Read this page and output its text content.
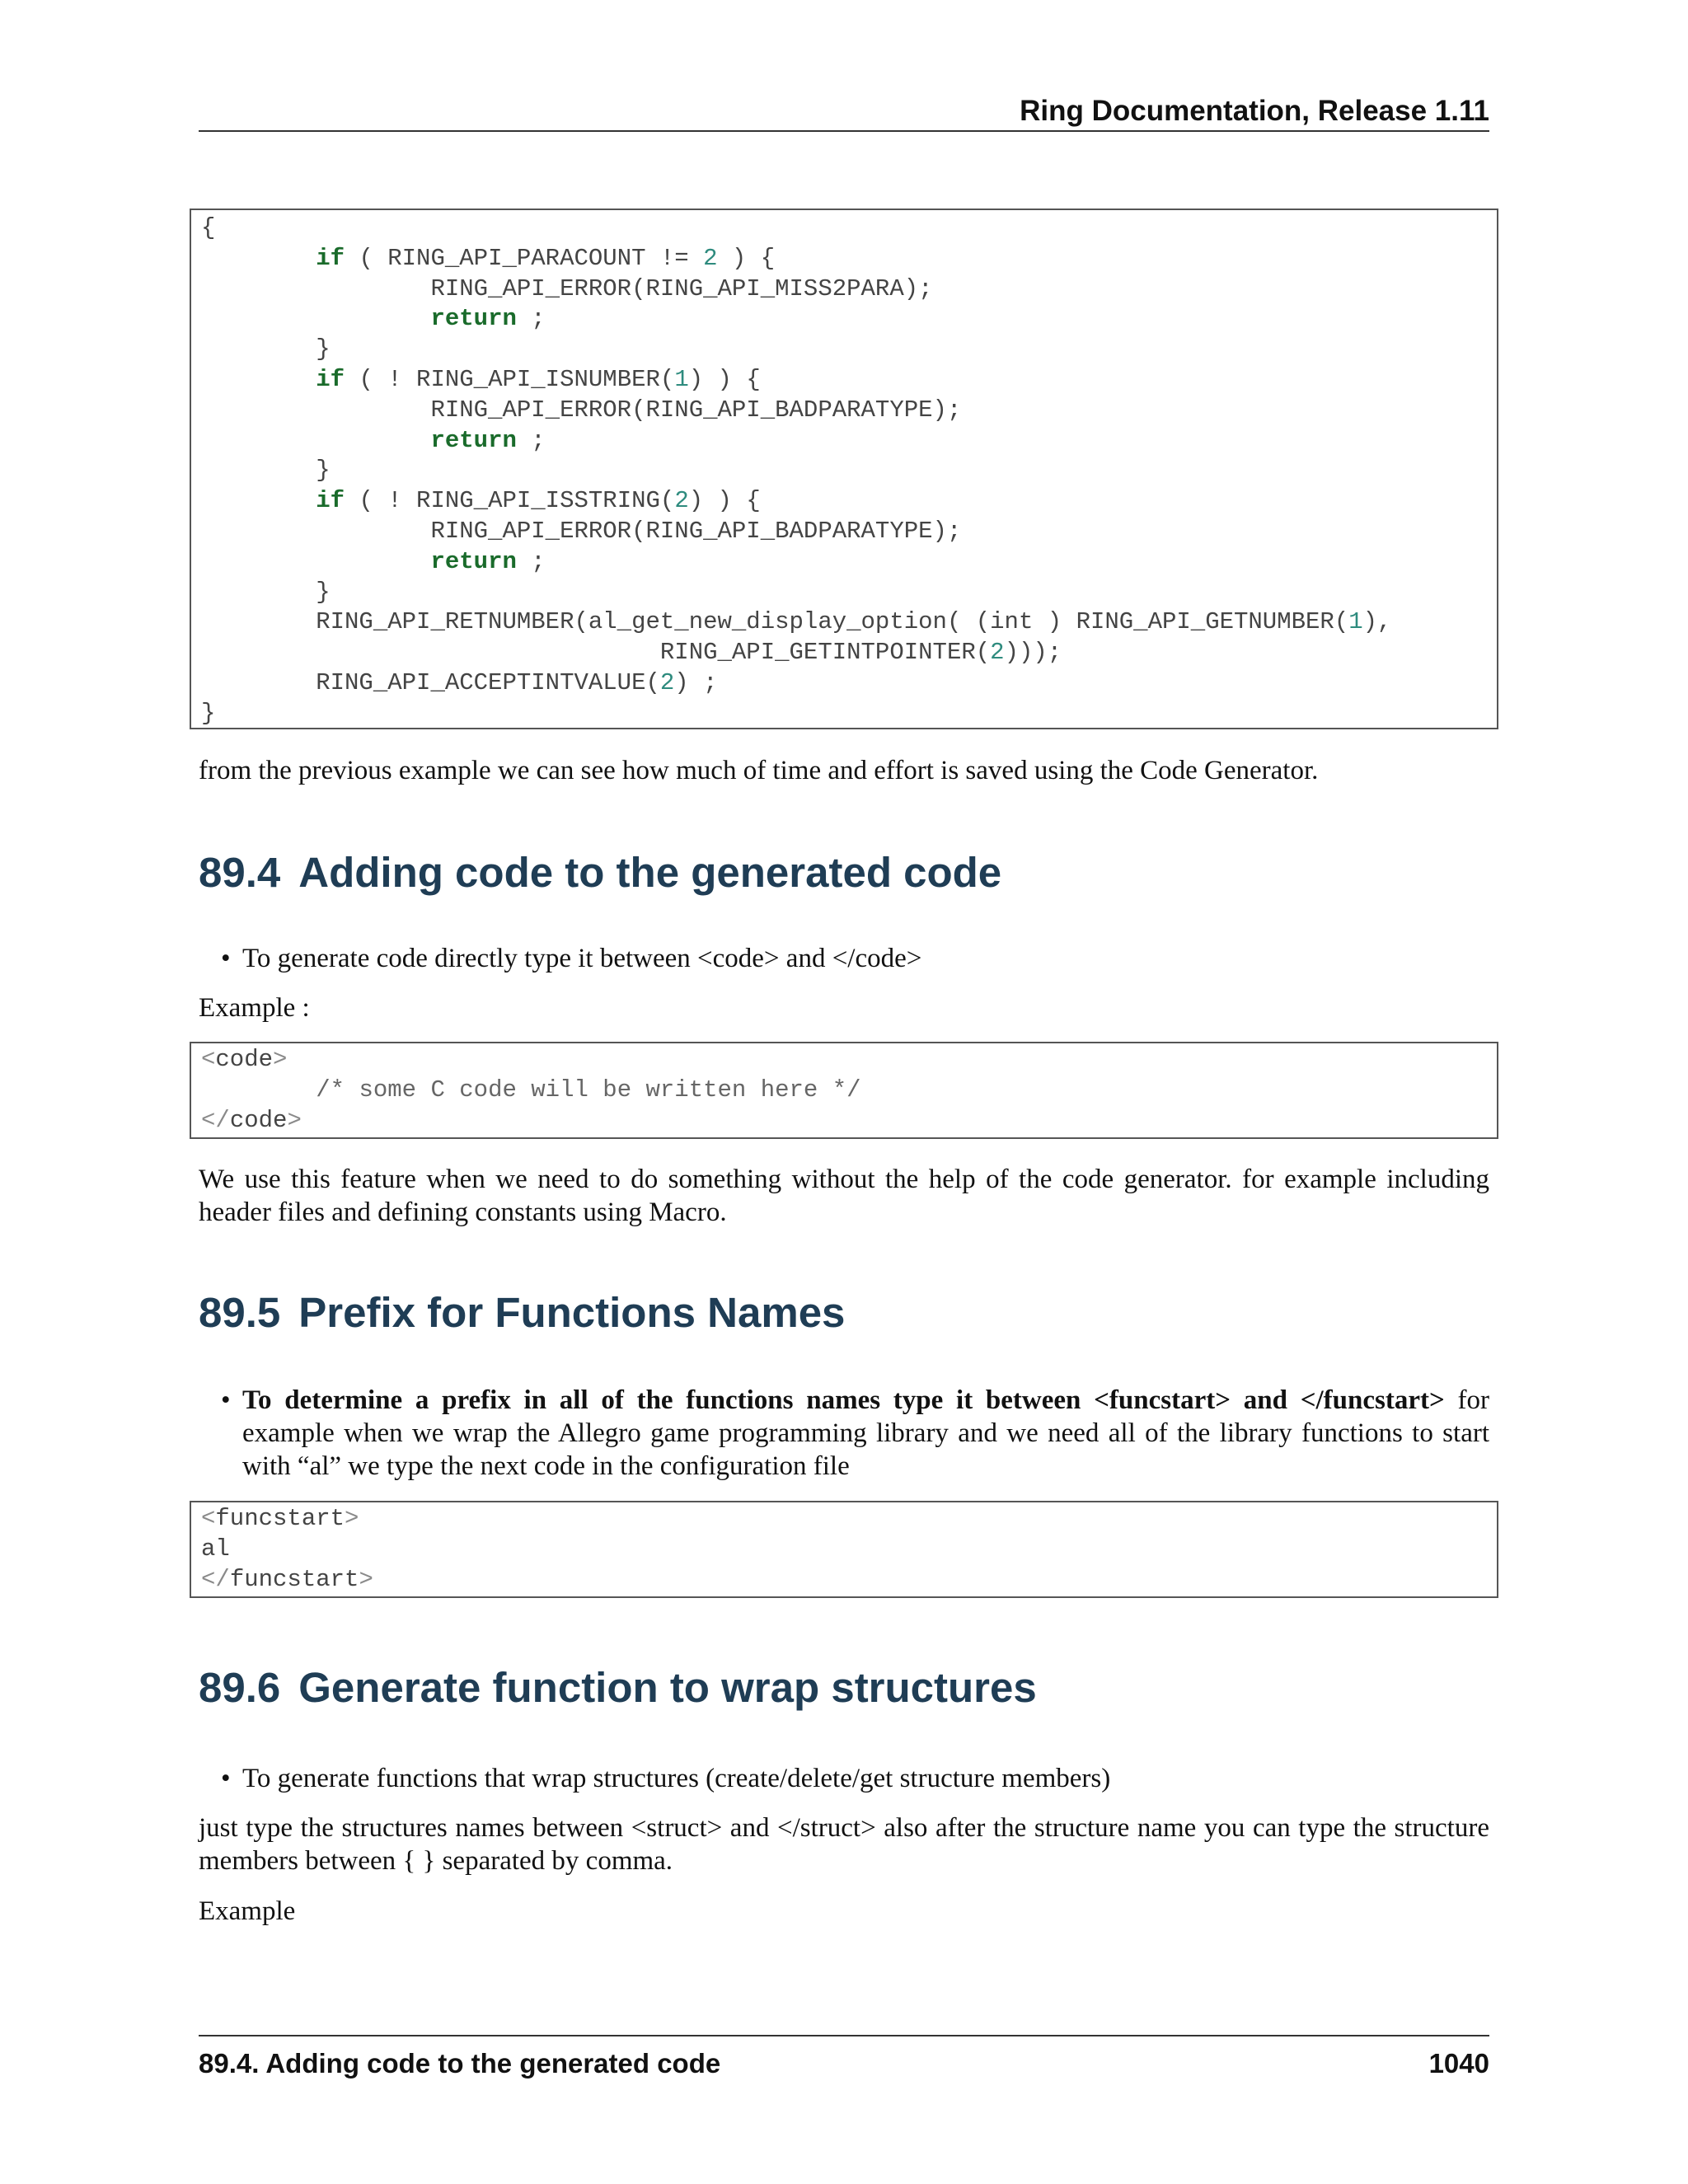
Ring Documentation, Release 1.11
{
if ( RING_API_PARACOUNT != 2 ) {
RING_API_ERROR(RING_API_MISS2PARA);
return ;
}
if ( ! RING_API_ISNUMBER(1) ) {
RING_API_ERROR(RING_API_BADPARATYPE);
return ;
}
if ( ! RING_API_ISSTRING(2) ) {
RING_API_ERROR(RING_API_BADPARATYPE);
return ;
}
RING_API_RETNUMBER(al_get_new_display_option( (int ) RING_API_GETNUMBER(1),
RING_API_GETINTPOINTER(2)));
RING_API_ACCEPTINTVALUE(2) ;
}

from the previous example we can see how much of time and effort is saved using the Code Generator.

89.4 Adding code to the generated code
• To generate code directly type it between <code> and </code>

Example :

<code>
/* some C code will be written here */
</code>

We use this feature when we need to do something without the help of the code generator. for example including header files and defining constants using Macro.

89.5 Prefix for Functions Names
• To determine a prefix in all of the functions names type it between <funcstart> and </funcstart> for example when we wrap the Allegro game programming library and we need all of the library functions to start with “al” we type the next code in the configuration file
<funcstart>
al
</funcstart>
89.6 Generate function to wrap structures
• To generate functions that wrap structures (create/delete/get structure members)

just type the structures names between <struct> and </struct> also after the structure name you can type the structure members between { } separated by comma.

Example

89.4. Adding code to the generated code	1040
